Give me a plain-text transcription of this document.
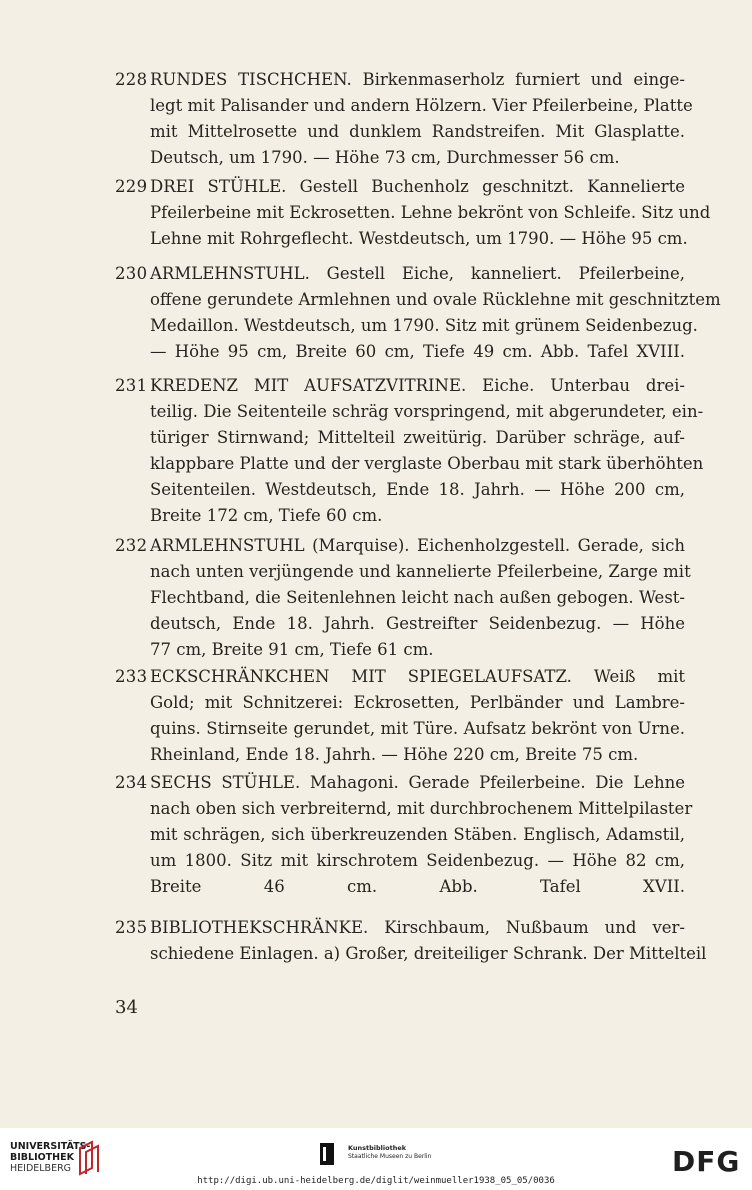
228 RUNDES TISCHCHEN. Birkenmaserholz furniert und einge-
legt mit Palisander und andern Hölzern. Vier Pfeilerbeine, Platte
mit Mittelrosette und dunklem Randstreifen. Mit Glasplatte.
Deutsch, um 1790. — Höhe 73 cm, Durchmesser 56 cm.
229 DREI STÜHLE. Gestell Buchenholz geschnitzt. Kannelierte
Pfeilerbeine mit Eckrosetten. Lehne bekrönt von Schleife. Sitz und
Lehne mit Rohrgeflecht. Westdeutsch, um 1790. — Höhe 95 cm.
230 ARMLEHNSTUHL. Gestell Eiche, kanneliert. Pfeilerbeine,
offene gerundete Armlehnen und ovale Rücklehne mit geschnitztem
Medaillon. Westdeutsch, um 1790. Sitz mit grünem Seidenbezug.
— Höhe 95 cm, Breite 60 cm, Tiefe 49 cm. Abb. Tafel XVIII.
231 KREDENZ MIT AUFSATZVITRINE. Eiche. Unterbau drei-
teilig. Die Seitenteile schräg vorspringend, mit abgerundeter, ein-
türiger Stirnwand; Mittelteil zweitürig. Darüber schräge, auf-
klappbare Platte und der verglaste Oberbau mit stark überhöhten
Seitenteilen. Westdeutsch, Ende 18. Jahrh. — Höhe 200 cm,
Breite 172 cm, Tiefe 60 cm.
232 ARMLEHNSTUHL (Marquise). Eichenholzgestell. Gerade, sich
nach unten verjüngende und kannelierte Pfeilerbeine, Zarge mit
Flechtband, die Seitenlehnen leicht nach außen gebogen. West-
deutsch, Ende 18. Jahrh. Gestreifter Seidenbezug. — Höhe
77 cm, Breite 91 cm, Tiefe 61 cm.
233 ECKSCHRÄNKCHEN MIT SPIEGELAUFSATZ. Weiß mit
Gold; mit Schnitzerei: Eckrosetten, Perlbänder und Lambre-
quins. Stirnseite gerundet, mit Türe. Aufsatz bekrönt von Urne.
Rheinland, Ende 18. Jahrh. — Höhe 220 cm, Breite 75 cm.
234 SECHS STÜHLE. Mahagoni. Gerade Pfeilerbeine. Die Lehne
nach oben sich verbreiternd, mit durchbrochenem Mittelpilaster
mit schrägen, sich überkreuzenden Stäben. Englisch, Adamstil,
um 1800. Sitz mit kirschrotem Seidenbezug. — Höhe 82 cm,
Breite 46 cm. Abb. Tafel XVII.
235 BIBLIOTHEKSCHRÄNKE. Kirschbaum, Nußbaum und ver-
schiedene Einlagen. a) Großer, dreiteiliger Schrank. Der Mittelteil
34
UNIVERSITÄTS-
BIBLIOTHEK
HEIDELBERG
Kunstbibliothek
Staatliche Museen zu Berlin	DFG
http://digi.ub.uni-heidelberg.de/diglit/weinmueller1938_05_05/0036
